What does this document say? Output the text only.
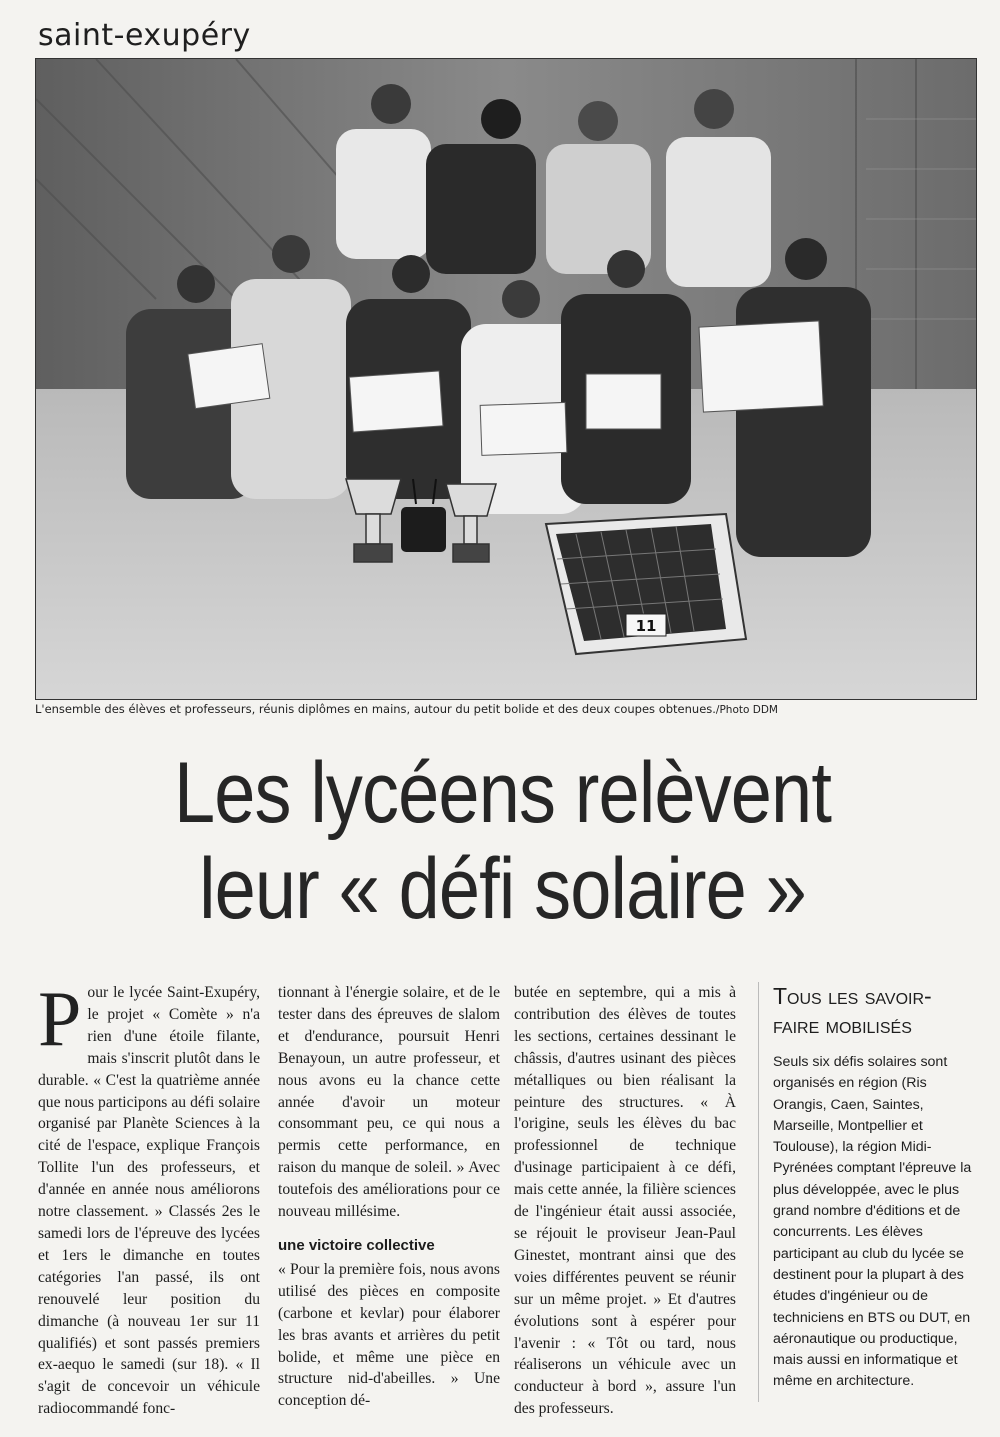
saint-exupéry
11
L'ensemble des élèves et professeurs, réunis diplômes en mains, autour du petit bolide et des deux coupes obtenues./Photo DDM
Les lycéens relèvent
leur « défi solaire »
Pour le lycée Saint-Exupéry, le projet « Comète » n'a rien d'une étoile filante, mais s'inscrit plutôt dans le durable. « C'est la quatrième année que nous participons au défi solaire organisé par Planète Sciences à la cité de l'espace, explique François Tollite l'un des professeurs, et d'année en année nous améliorons notre classement. » Classés 2es le samedi lors de l'épreuve des lycées et 1ers le dimanche en toutes catégories l'an passé, ils ont renouvelé leur position du dimanche (à nouveau 1er sur 11 qualifiés) et sont passés premiers ex-aequo le samedi (sur 18). « Il s'agit de concevoir un véhicule radiocommandé fonc-
tionnant à l'énergie solaire, et de le tester dans des épreuves de slalom et d'endurance, poursuit Henri Benayoun, un autre professeur, et nous avons eu la chance cette année d'avoir un moteur consommant peu, ce qui nous a permis cette performance, en raison du manque de soleil. » Avec toutefois des améliorations pour ce nouveau millésime.
une victoire collective
« Pour la première fois, nous avons utilisé des pièces en composite (carbone et kevlar) pour élaborer les bras avants et arrières du petit bolide, et même une pièce en structure nid-d'abeilles. » Une conception dé-
butée en septembre, qui a mis à contribution des élèves de toutes les sections, certaines dessinant le châssis, d'autres usinant des pièces métalliques ou bien réalisant la peinture des structures. « À l'origine, seuls les élèves du bac professionnel de technique d'usinage participaient à ce défi, mais cette année, la filière sciences de l'ingénieur était aussi associée, se réjouit le proviseur Jean-Paul Ginestet, montrant ainsi que des voies différentes peuvent se réunir sur un même projet. » Et d'autres évolutions sont à espérer pour l'avenir : « Tôt ou tard, nous réaliserons un véhicule avec un conducteur à bord », assure l'un des professeurs.
Tous les savoir-
faire mobilisés
Seuls six défis solaires sont organisés en région (Ris Orangis, Caen, Saintes, Marseille, Montpellier et Toulouse), la région Midi-Pyrénées comptant l'épreuve la plus développée, avec le plus grand nombre d'éditions et de concurrents. Les élèves participant au club du lycée se destinent pour la plupart à des études d'ingénieur ou de techniciens en BTS ou DUT, en aéronautique ou productique, mais aussi en informatique et même en architecture.
